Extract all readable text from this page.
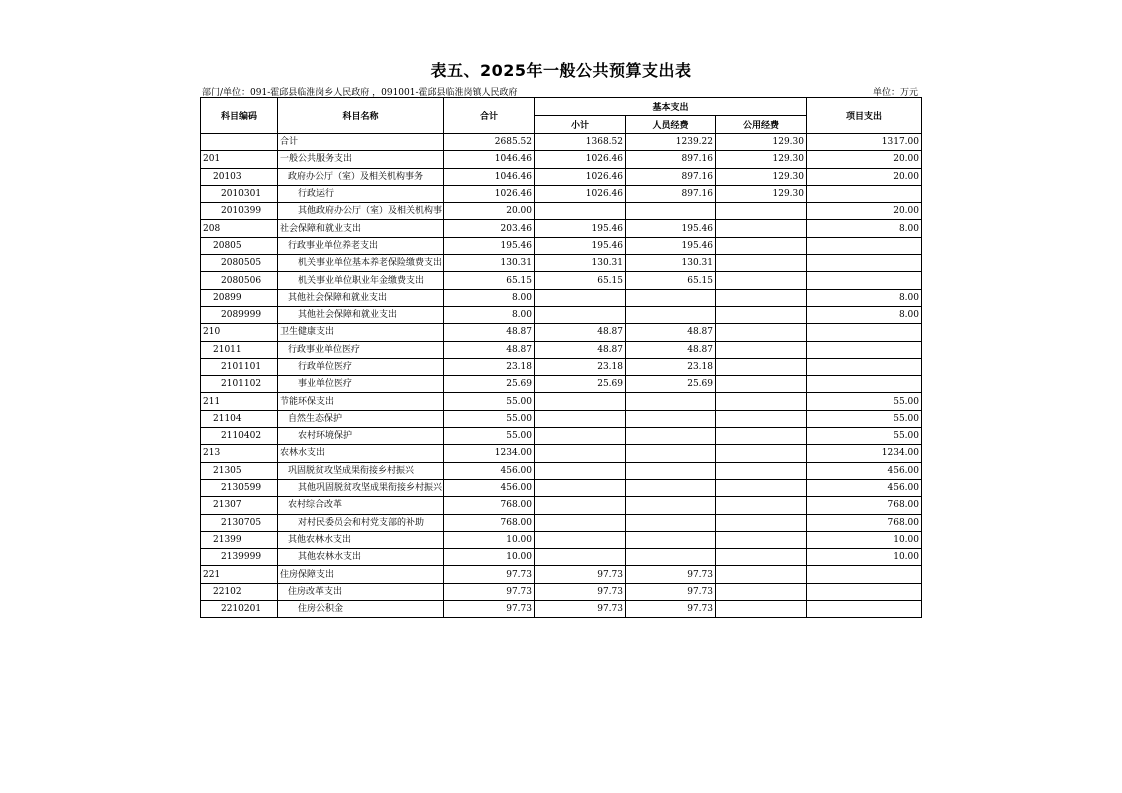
表五、2025年一般公共预算支出表
部门/单位：091-霍邱县临淮岗乡人民政府 ，091001-霍邱县临淮岗镇人民政府	单位：万元
科目编码	科目名称	合计	基本支出			项目支出
			小计	人员经费	公用经费	
	合计	2685.52	1368.52	1239.22	129.30	1317.00
201	一般公共服务支出	1046.46	1026.46	897.16	129.30	20.00
20103	政府办公厅（室）及相关机构事务	1046.46	1026.46	897.16	129.30	20.00
2010301	行政运行	1026.46	1026.46	897.16	129.30	
2010399	其他政府办公厅（室）及相关机构事	20.00				20.00
208	社会保障和就业支出	203.46	195.46	195.46		8.00
20805	行政事业单位养老支出	195.46	195.46	195.46		
2080505	机关事业单位基本养老保险缴费支出	130.31	130.31	130.31		
2080506	机关事业单位职业年金缴费支出	65.15	65.15	65.15		
20899	其他社会保障和就业支出	8.00				8.00
2089999	其他社会保障和就业支出	8.00				8.00
210	卫生健康支出	48.87	48.87	48.87		
21011	行政事业单位医疗	48.87	48.87	48.87		
2101101	行政单位医疗	23.18	23.18	23.18		
2101102	事业单位医疗	25.69	25.69	25.69		
211	节能环保支出	55.00				55.00
21104	自然生态保护	55.00				55.00
2110402	农村环境保护	55.00				55.00
213	农林水支出	1234.00				1234.00
21305	巩固脱贫攻坚成果衔接乡村振兴	456.00				456.00
2130599	其他巩固脱贫攻坚成果衔接乡村振兴	456.00				456.00
21307	农村综合改革	768.00				768.00
2130705	对村民委员会和村党支部的补助	768.00				768.00
21399	其他农林水支出	10.00				10.00
2139999	其他农林水支出	10.00				10.00
221	住房保障支出	97.73	97.73	97.73		
22102	住房改革支出	97.73	97.73	97.73		
2210201	住房公积金	97.73	97.73	97.73		
